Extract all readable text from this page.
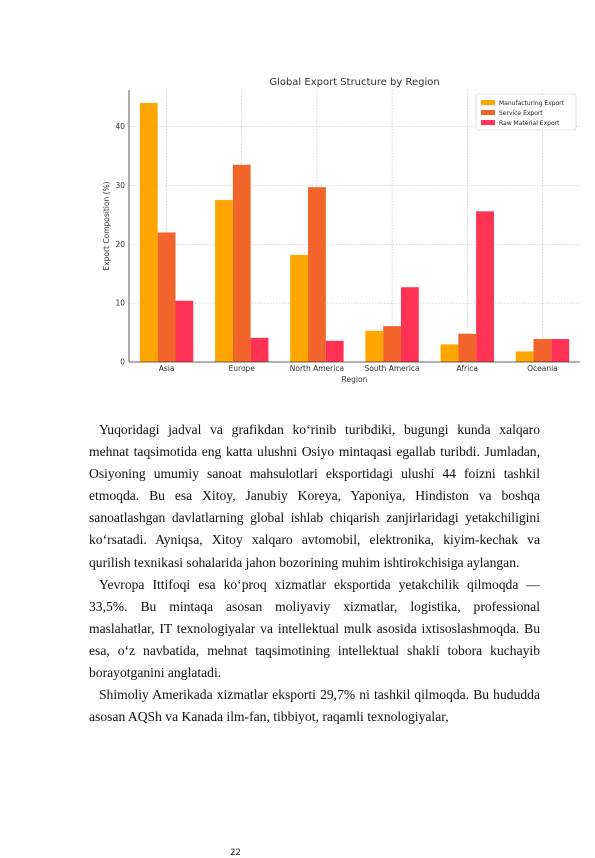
Global Export Structure by Region
0
10
20
30
40
Asia	Europe	North America	South America	Africa	Oceania
Region
Export Composition (%)
Manufacturing Export
Service Export
Raw Material Export

Yuqoridagi jadval va grafikdan ko‘rinib turibdiki, bugungi kunda xalqaro mehnat taqsimotida eng katta ulushni Osiyo mintaqasi egallab turibdi. Jumladan, Osiyoning umumiy sanoat mahsulotlari eksportidagi ulushi 44 foizni tashkil etmoqda. Bu esa Xitoy, Janubiy Koreya, Yaponiya, Hindiston va boshqa sanoatlashgan davlatlarning global ishlab chiqarish zanjirlaridagi yetakchiligini ko‘rsatadi. Ayniqsa, Xitoy xalqaro avtomobil, elektronika, kiyim-kechak va qurilish texnikasi sohalarida jahon bozorining muhim ishtirokchisiga aylangan.

Yevropa Ittifoqi esa ko‘proq xizmatlar eksportida yetakchilik qilmoqda — 33,5%. Bu mintaqa asosan moliyaviy xizmatlar, logistika, professional maslahatlar, IT texnologiyalar va intellektual mulk asosida ixtisoslashmoqda. Bu esa, o‘z navbatida, mehnat taqsimotining intellektual shakli tobora kuchayib borayotganini anglatadi.

Shimoliy Amerikada xizmatlar eksporti 29,7% ni tashkil qilmoqda. Bu hududda asosan AQSh va Kanada ilm-fan, tibbiyot, raqamli texnologiyalar,

22
